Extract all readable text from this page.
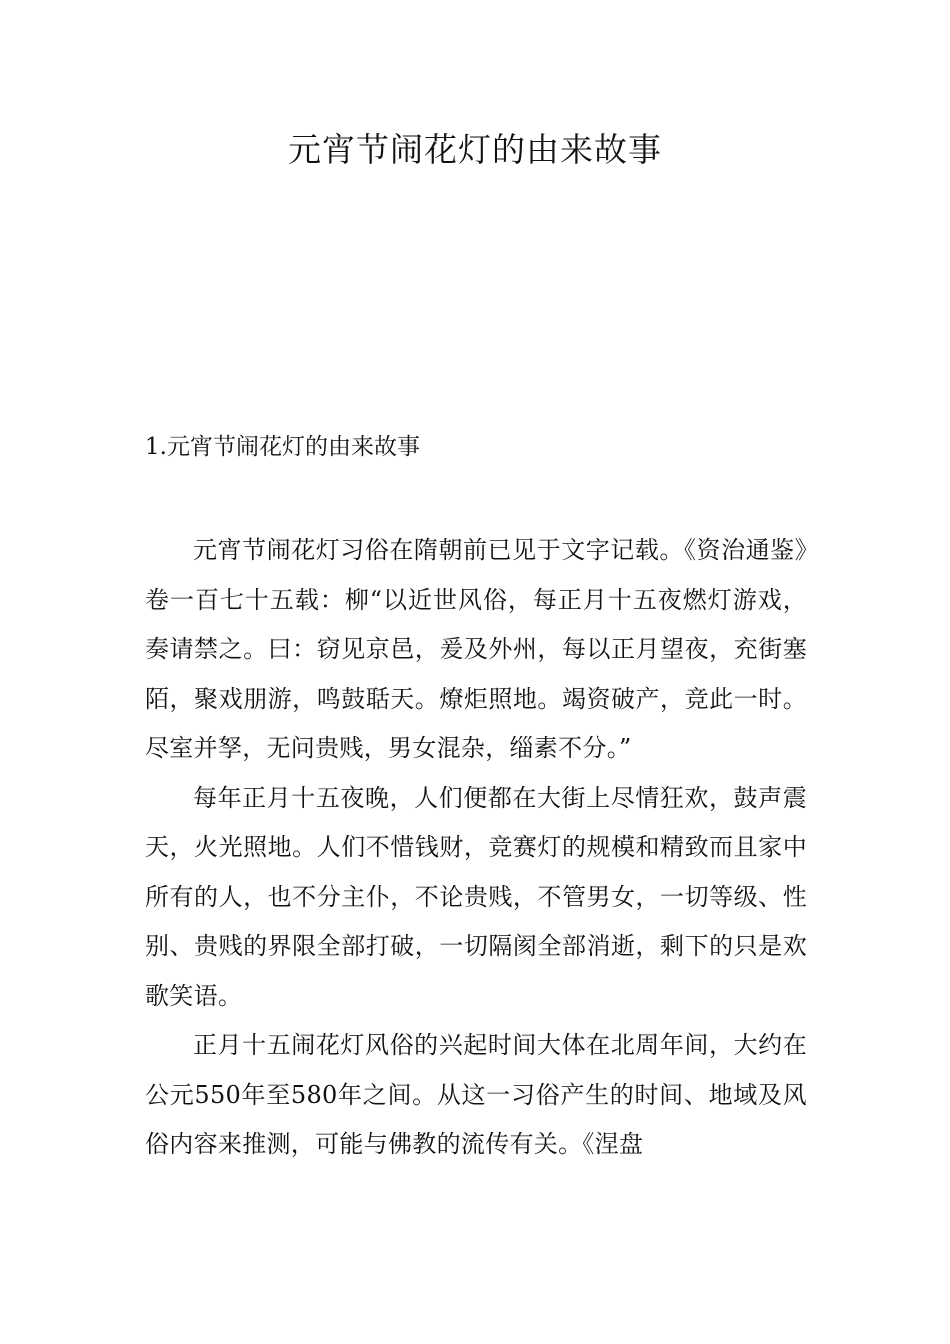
元宵节闹花灯的由来故事
1.元宵节闹花灯的由来故事

元宵节闹花灯习俗在隋朝前已见于文字记载。《资治通鉴》卷一百七十五载：柳“以近世风俗，每正月十五夜燃灯游戏，奏请禁之。曰：窃见京邑，爰及外州，每以正月望夜，充街塞陌，聚戏朋游，鸣鼓聒天。燎炬照地。竭资破产，竞此一时。尽室并孥，无问贵贱，男女混杂，缁素不分。”

每年正月十五夜晚，人们便都在大街上尽情狂欢，鼓声震天，火光照地。人们不惜钱财，竞赛灯的规模和精致而且家中所有的人，也不分主仆，不论贵贱，不管男女，一切等级、性别、贵贱的界限全部打破，一切隔阂全部消逝，剩下的只是欢歌笑语。

正月十五闹花灯风俗的兴起时间大体在北周年间，大约在公元550年至580年之间。从这一习俗产生的时间、地域及风俗内容来推测，可能与佛教的流传有关。《涅盘
